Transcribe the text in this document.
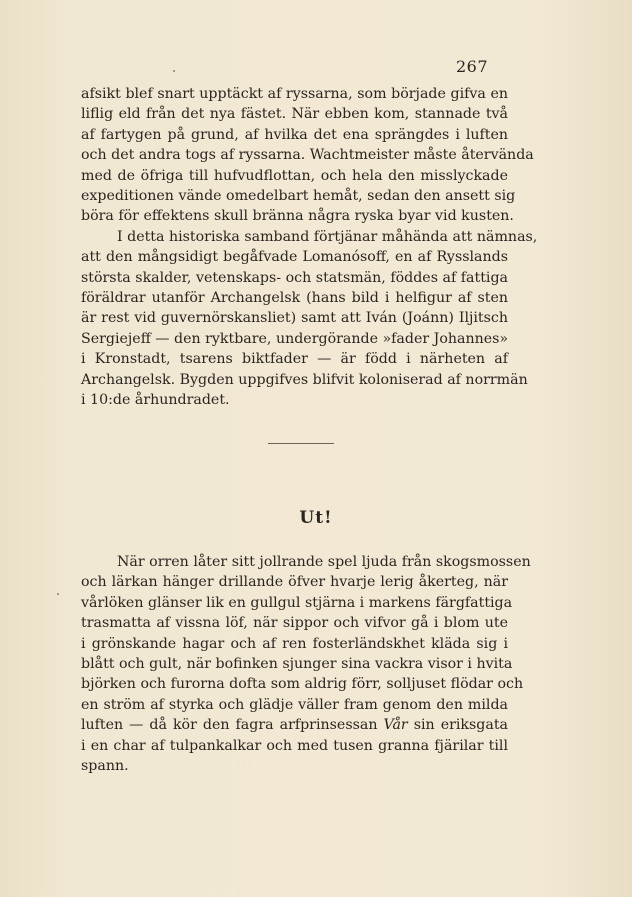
267
afsikt blef snart upptäckt af ryssarna, som började gifva en
liflig eld från det nya fästet. När ebben kom, stannade två
af fartygen på grund, af hvilka det ena sprängdes i luften
och det andra togs af ryssarna. Wachtmeister måste återvända
med de öfriga till hufvudflottan, och hela den misslyckade
expeditionen vände omedelbart hemåt, sedan den ansett sig
böra för effektens skull bränna några ryska byar vid kusten.
I detta historiska samband förtjänar måhända att nämnas,
att den mångsidigt begåfvade Lomanósoff, en af Rysslands
största skalder, vetenskaps- och statsmän, föddes af fattiga
föräldrar utanför Archangelsk (hans bild i helfigur af sten
är rest vid guvernörskansliet) samt att Iván (Joánn) Iljitsch
Sergiejeff — den ryktbare, undergörande »fader Johannes»
i Kronstadt, tsarens biktfader — är född i närheten af
Archangelsk. Bygden uppgifves blifvit koloniserad af norrmän
i 10:de århundradet.
Ut!
När orren låter sitt jollrande spel ljuda från skogsmossen
och lärkan hänger drillande öfver hvarje lerig åkerteg, när
vårlöken glänser lik en gullgul stjärna i markens färgfattiga
trasmatta af vissna löf, när sippor och vifvor gå i blom ute
i grönskande hagar och af ren fosterländskhet kläda sig i
blått och gult, när bofinken sjunger sina vackra visor i hvita
björken och furorna dofta som aldrig förr, solljuset flödar och
en ström af styrka och glädje väller fram genom den milda
luften — då kör den fagra arfprinsessan Vår sin eriksgata
i en char af tulpankalkar och med tusen granna fjärilar till
spann.
